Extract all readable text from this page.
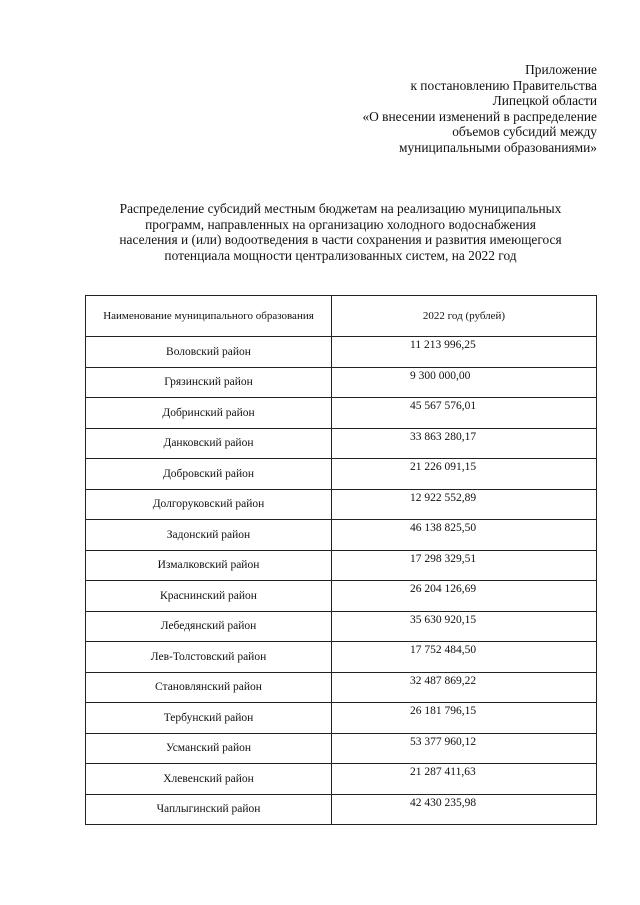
Приложение
к постановлению Правительства
Липецкой области
«О внесении изменений в распределение
объемов субсидий между
муниципальными образованиями»
Распределение субсидий местным бюджетам на реализацию муниципальных
программ, направленных на организацию холодного водоснабжения
населения и (или) водоотведения в части сохранения и развития имеющегося
потенциала мощности централизованных систем, на 2022 год
Наименование муниципального образования	2022 год (рублей)
Воловский район	11 213 996,25
Грязинский район	9 300 000,00
Добринский район	45 567 576,01
Данковский район	33 863 280,17
Добровский район	21 226 091,15
Долгоруковский район	12 922 552,89
Задонский район	46 138 825,50
Измалковский район	17 298 329,51
Краснинский район	26 204 126,69
Лебедянский район	35 630 920,15
Лев-Толстовский район	17 752 484,50
Становлянский район	32 487 869,22
Тербунский район	26 181 796,15
Усманский район	53 377 960,12
Хлевенский район	21 287 411,63
Чаплыгинский район	42 430 235,98
